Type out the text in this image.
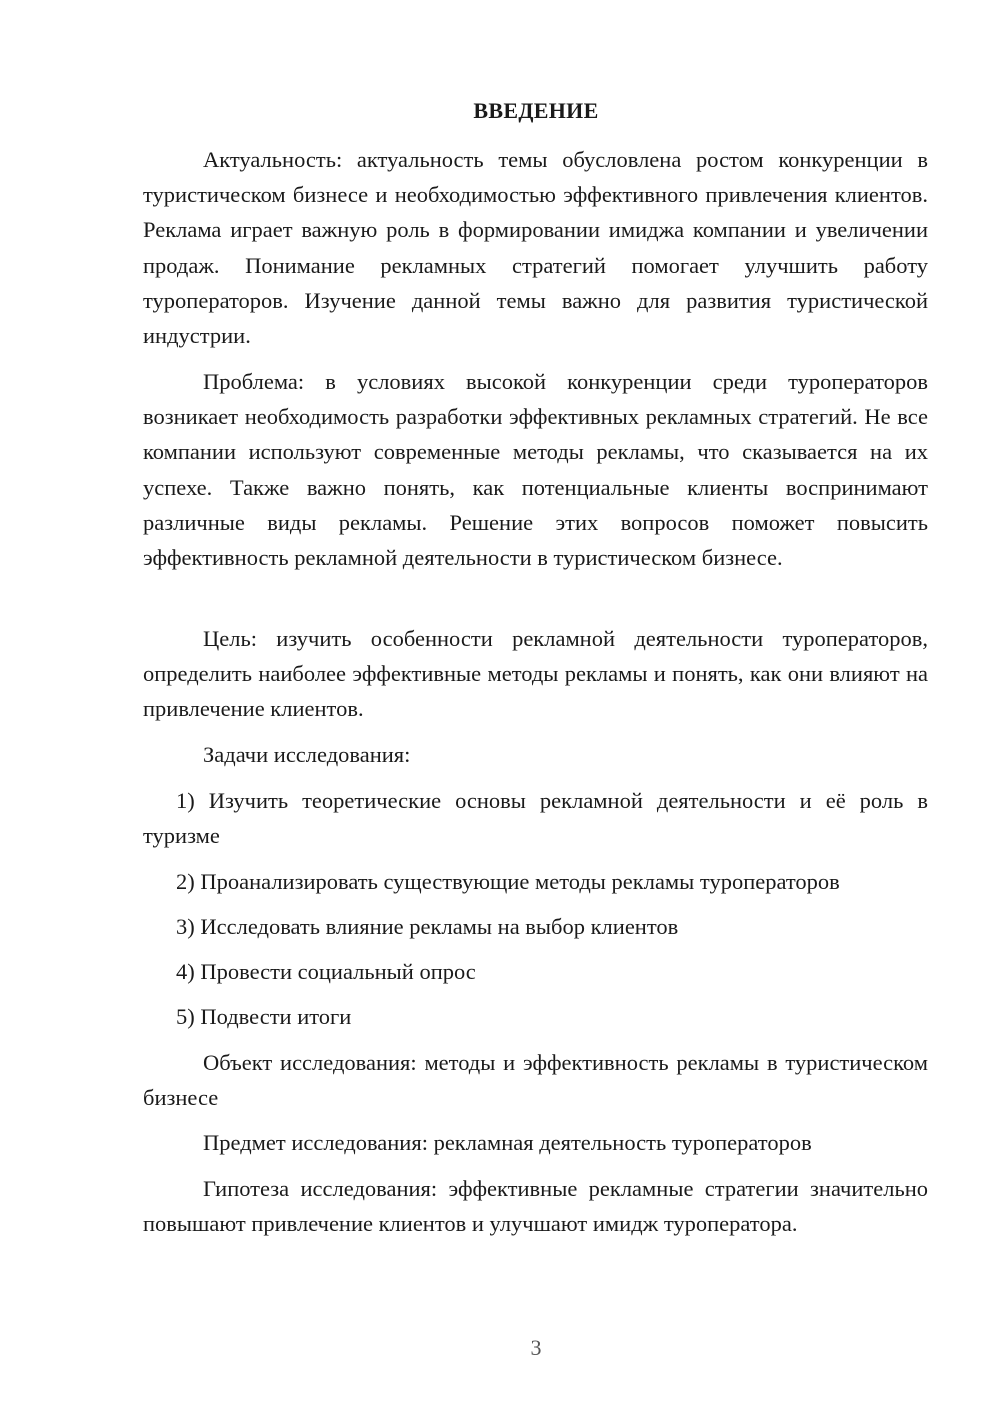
ВВЕДЕНИЕ
Актуальность: актуальность темы обусловлена ростом конкуренции в туристическом бизнесе и необходимостью эффективного привлечения клиентов. Реклама играет важную роль в формировании имиджа компании и увеличении продаж. Понимание рекламных стратегий помогает улучшить работу туроператоров. Изучение данной темы важно для развития туристической индустрии.
Проблема: в условиях высокой конкуренции среди туроператоров возникает необходимость разработки эффективных рекламных стратегий. Не все компании используют современные методы рекламы, что сказывается на их успехе. Также важно понять, как потенциальные клиенты воспринимают различные виды рекламы. Решение этих вопросов поможет повысить эффективность рекламной деятельности в туристическом бизнесе.
Цель: изучить особенности рекламной деятельности туроператоров, определить наиболее эффективные методы рекламы и понять, как они влияют на привлечение клиентов.
Задачи исследования:
1) Изучить теоретические основы рекламной деятельности и её роль в туризме
2) Проанализировать существующие методы рекламы туроператоров
3) Исследовать влияние рекламы на выбор клиентов
4) Провести социальный опрос
5) Подвести итоги
Объект исследования: методы и эффективность рекламы в туристическом бизнесе
Предмет исследования: рекламная деятельность туроператоров
Гипотеза исследования: эффективные рекламные стратегии значительно повышают привлечение клиентов и улучшают имидж туроператора.
3
